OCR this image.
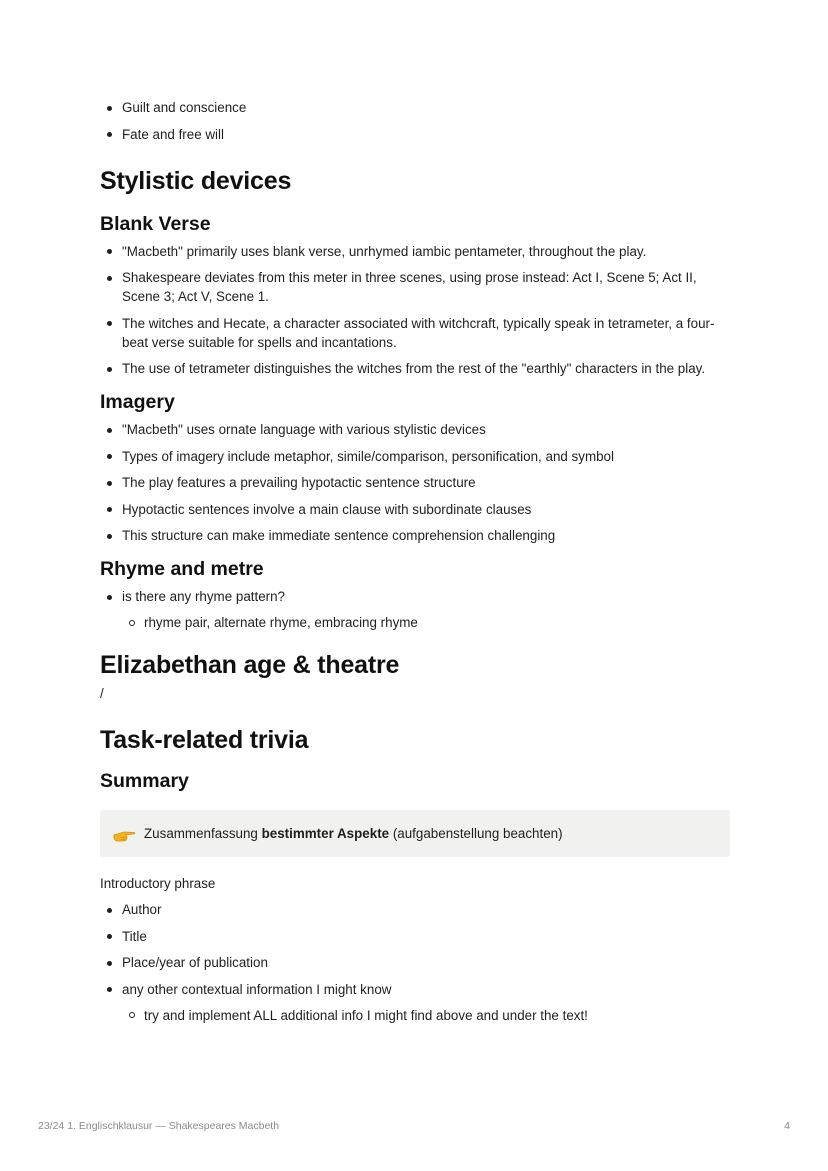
Guilt and conscience
Fate and free will
Stylistic devices
Blank Verse
"Macbeth" primarily uses blank verse, unrhymed iambic pentameter, throughout the play.
Shakespeare deviates from this meter in three scenes, using prose instead: Act I, Scene 5; Act II, Scene 3; Act V, Scene 1.
The witches and Hecate, a character associated with witchcraft, typically speak in tetrameter, a four-beat verse suitable for spells and incantations.
The use of tetrameter distinguishes the witches from the rest of the "earthly" characters in the play.
Imagery
"Macbeth" uses ornate language with various stylistic devices
Types of imagery include metaphor, simile/comparison, personification, and symbol
The play features a prevailing hypotactic sentence structure
Hypotactic sentences involve a main clause with subordinate clauses
This structure can make immediate sentence comprehension challenging
Rhyme and metre
is there any rhyme pattern?
rhyme pair, alternate rhyme, embracing rhyme
Elizabethan age & theatre

/

Task-related trivia
Summary
Zusammenfassung bestimmter Aspekte (aufgabenstellung beachten)

Introductory phrase

Author
Title
Place/year of publication
any other contextual information I might know
try and implement ALL additional info I might find above and under the text!
23/24 1. Englischklausur — Shakespeares Macbeth	4
